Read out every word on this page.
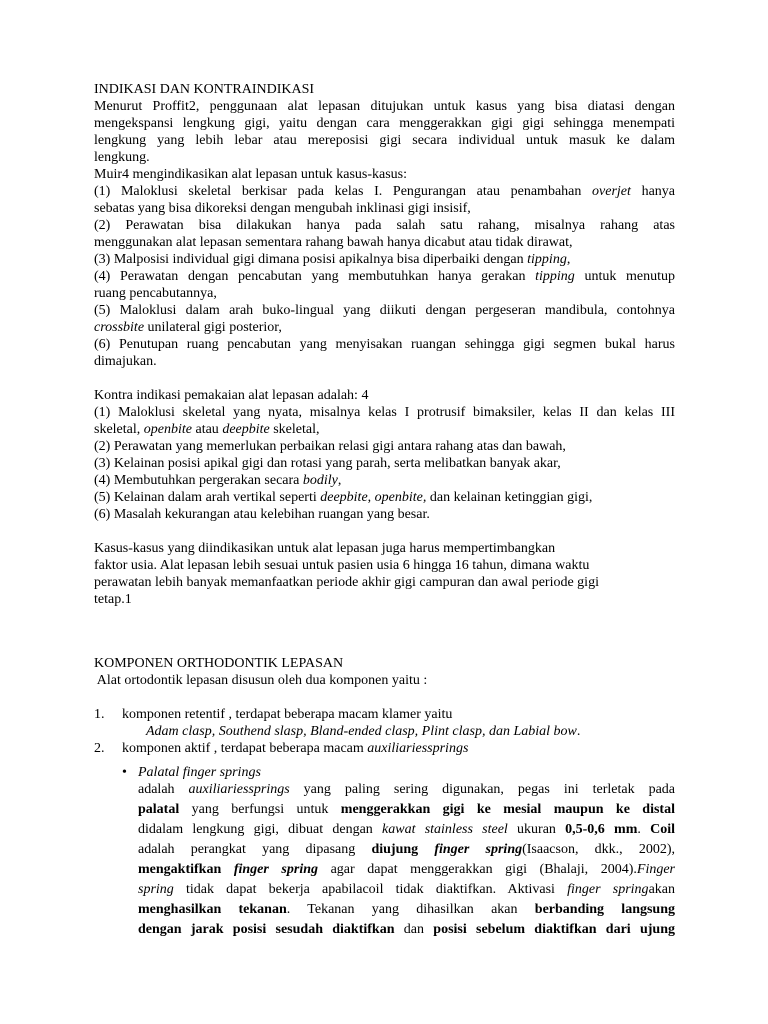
INDIKASI DAN KONTRAINDIKASI
Menurut Proffit2, penggunaan alat lepasan ditujukan untuk kasus yang bisa diatasi dengan
mengekspansi lengkung gigi, yaitu dengan cara menggerakkan gigi gigi sehingga menempati
lengkung yang lebih lebar atau mereposisi gigi secara individual untuk masuk ke dalam
lengkung.
Muir4 mengindikasikan alat lepasan untuk kasus-kasus:
(1) Maloklusi skeletal berkisar pada kelas I. Pengurangan atau penambahan overjet hanya
sebatas yang bisa dikoreksi dengan mengubah inklinasi gigi insisif,
(2) Perawatan bisa dilakukan hanya pada salah satu rahang, misalnya rahang atas
menggunakan alat lepasan sementara rahang bawah hanya dicabut atau tidak dirawat,
(3) Malposisi individual gigi dimana posisi apikalnya bisa diperbaiki dengan tipping,
(4) Perawatan dengan pencabutan yang membutuhkan hanya gerakan tipping untuk menutup
ruang pencabutannya,
(5) Maloklusi dalam arah buko-lingual yang diikuti dengan pergeseran mandibula, contohnya
crossbite unilateral gigi posterior,
(6) Penutupan ruang pencabutan yang menyisakan ruangan sehingga gigi segmen bukal harus
dimajukan.
Kontra indikasi pemakaian alat lepasan adalah: 4
(1) Maloklusi skeletal yang nyata, misalnya kelas I protrusif bimaksiler, kelas II dan kelas III
skeletal, openbite atau deepbite skeletal,
(2) Perawatan yang memerlukan perbaikan relasi gigi antara rahang atas dan bawah,
(3) Kelainan posisi apikal gigi dan rotasi yang parah, serta melibatkan banyak akar,
(4) Membutuhkan pergerakan secara bodily,
(5) Kelainan dalam arah vertikal seperti deepbite, openbite, dan kelainan ketinggian gigi,
(6) Masalah kekurangan atau kelebihan ruangan yang besar.
Kasus-kasus yang diindikasikan untuk alat lepasan juga harus mempertimbangkan
faktor usia. Alat lepasan lebih sesuai untuk pasien usia 6 hingga 16 tahun, dimana waktu
perawatan lebih banyak memanfaatkan periode akhir gigi campuran dan awal periode gigi
tetap.1
KOMPONEN ORTHODONTIK LEPASAN
Alat ortodontik lepasan disusun oleh dua komponen yaitu :
1. komponen retentif , terdapat beberapa macam klamer yaitu
Adam clasp, Southend slasp, Bland-ended clasp, Plint clasp, dan Labial bow.
2. komponen aktif , terdapat beberapa macam auxiliariessprings
• Palatal finger springs
adalah auxiliariessprings yang paling sering digunakan, pegas ini terletak pada
palatal yang berfungsi untuk menggerakkan gigi ke mesial maupun ke distal
didalam lengkung gigi, dibuat dengan kawat stainless steel ukuran 0,5-0,6 mm. Coil
adalah perangkat yang dipasang diujung finger spring(Isaacson, dkk., 2002),
mengaktifkan finger spring agar dapat menggerakkan gigi (Bhalaji, 2004).Finger
spring tidak dapat bekerja apabilacoil tidak diaktifkan. Aktivasi finger springakan
menghasilkan tekanan. Tekanan yang dihasilkan akan berbanding langsung
dengan jarak posisi sesudah diaktifkan dan posisi sebelum diaktifkan dari ujung
